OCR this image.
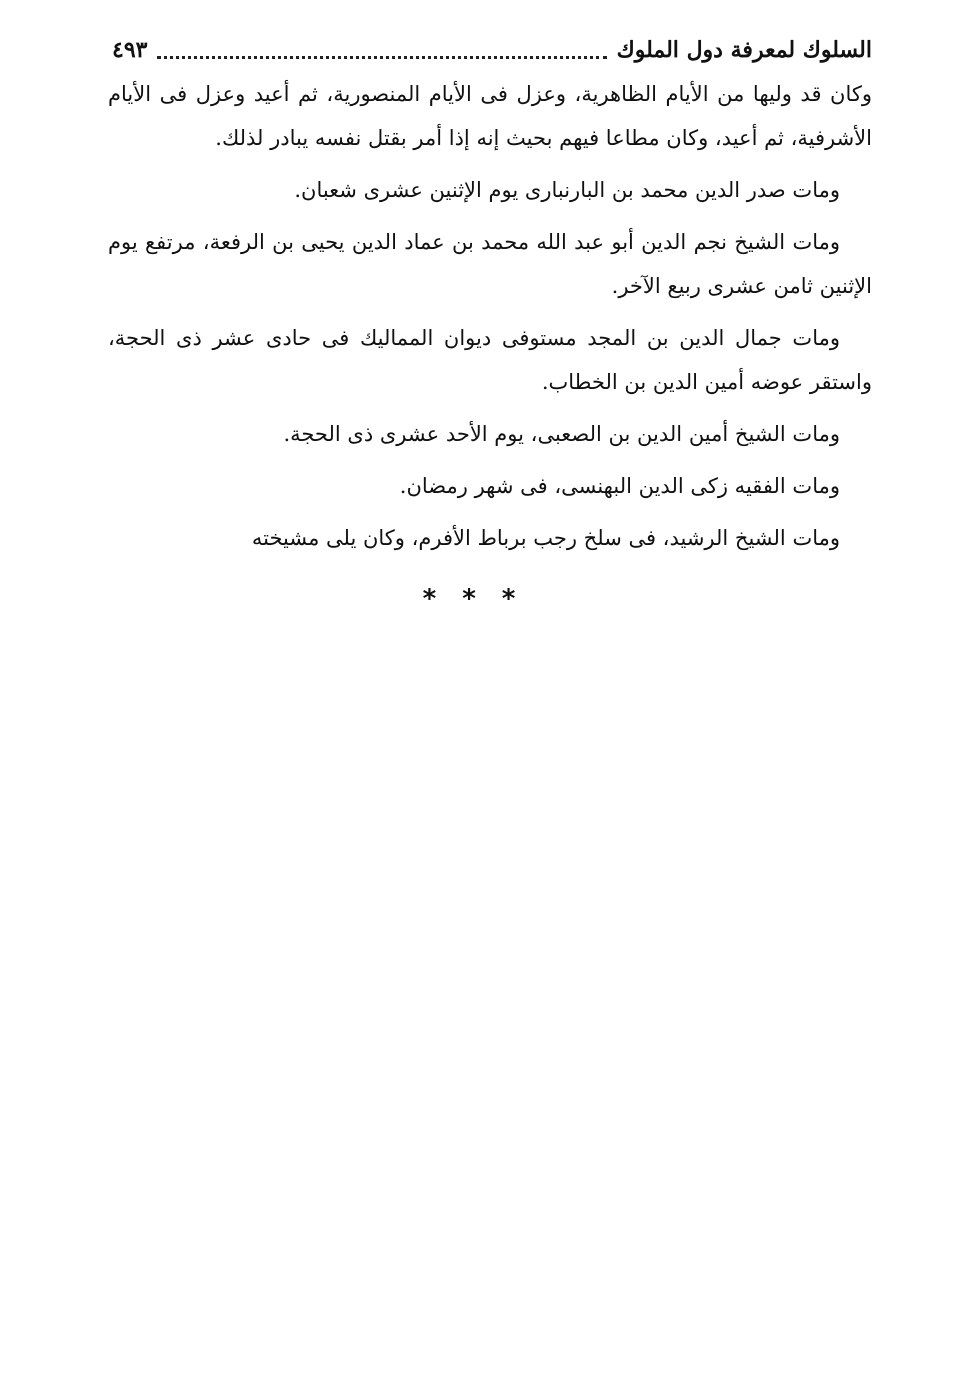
السلوك لمعرفة دول الملوك
٤٩٣

وكان قد وليها من الأيام الظاهرية، وعزل فى الأيام المنصورية، ثم أعيد وعزل فى الأيام الأشرفية، ثم أعيد، وكان مطاعا فيهم بحيث إنه إذا أمر بقتل نفسه يبادر لذلك.

ومات صدر الدين محمد بن البارنبارى يوم الإثنين عشرى شعبان.

ومات الشيخ نجم الدين أبو عبد الله محمد بن عماد الدين يحيى بن الرفعة، مرتفع يوم الإثنين ثامن عشرى ربيع الآخر.

ومات جمال الدين بن المجد مستوفى ديوان المماليك فى حادى عشر ذى الحجة، واستقر عوضه أمين الدين بن الخطاب.

ومات الشيخ أمين الدين بن الصعبى، يوم الأحد عشرى ذى الحجة.

ومات الفقيه زكى الدين البهنسى، فى شهر رمضان.

ومات الشيخ الرشيد، فى سلخ رجب برباط الأفرم، وكان يلى مشيخته

***
